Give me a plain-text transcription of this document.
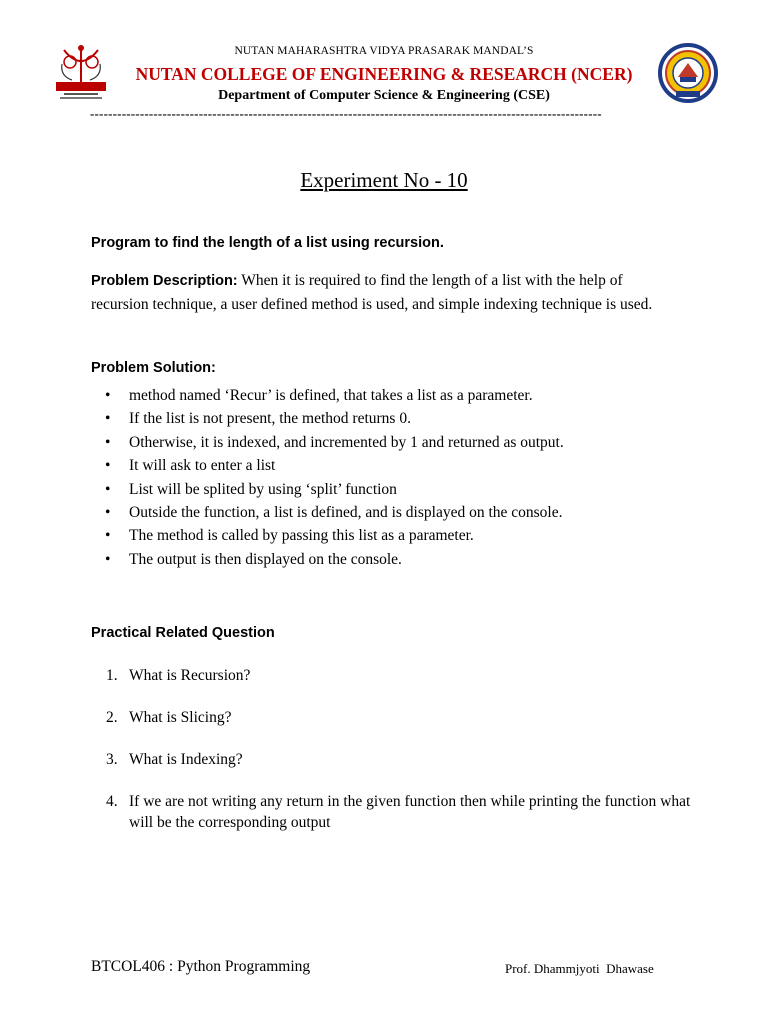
NUTAN MAHARASHTRA VIDYA PRASARAK MANDAL’S
NUTAN COLLEGE OF ENGINEERING & RESEARCH (NCER)
Department of Computer Science & Engineering (CSE)
-----------------------------------------------------------------------------------------------------------------
Experiment No - 10
Program to find the length of a list using recursion.
Problem Description: When it is required to find the length of a list with the help of recursion technique, a user defined method is used, and simple indexing technique is used.
Problem Solution:
• method named ‘Recur’ is defined, that takes a list as a parameter.
• If the list is not present, the method returns 0.
• Otherwise, it is indexed, and incremented by 1 and returned as output.
• It will ask to enter a list
• List will be splited by using ‘split’ function
• Outside the function, a list is defined, and is displayed on the console.
• The method is called by passing this list as a parameter.
• The output is then displayed on the console.
Practical Related Question
1. What is Recursion?
2. What is Slicing?
3. What is Indexing?
4. If we are not writing any return in the given function then while printing the function what will be the corresponding output
BTCOL406 : Python Programming	Prof. Dhammjyoti  Dhawase
